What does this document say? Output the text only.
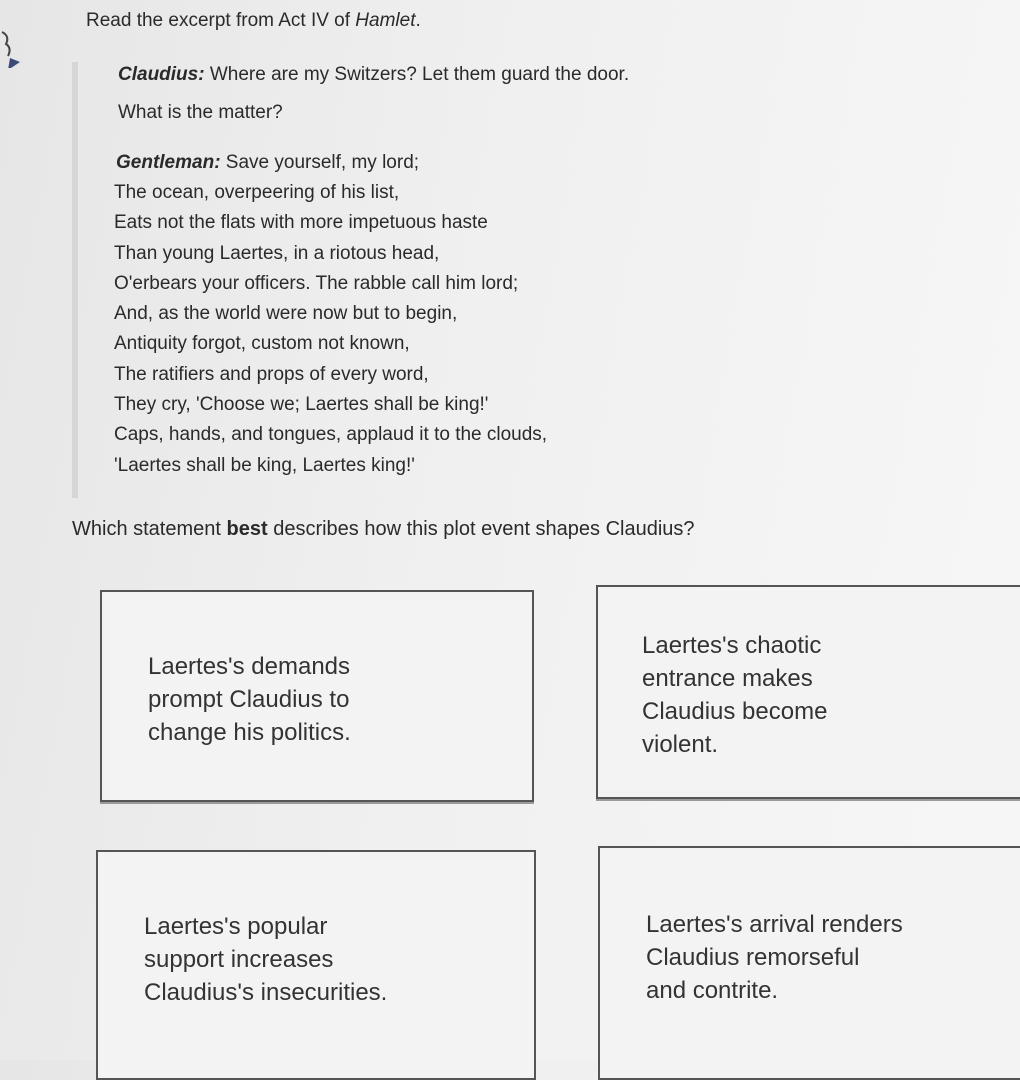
Read the excerpt from Act IV of Hamlet.
Claudius: Where are my Switzers? Let them guard the door.
What is the matter?
Gentleman: Save yourself, my lord;
The ocean, overpeering of his list,
Eats not the flats with more impetuous haste
Than young Laertes, in a riotous head,
O'erbears your officers. The rabble call him lord;
And, as the world were now but to begin,
Antiquity forgot, custom not known,
The ratifiers and props of every word,
They cry, 'Choose we; Laertes shall be king!'
Caps, hands, and tongues, applaud it to the clouds,
'Laertes shall be king, Laertes king!'
Which statement best describes how this plot event shapes Claudius?
Laertes's demands
prompt Claudius to
change his politics.
Laertes's chaotic
entrance makes
Claudius become
violent.
Laertes's popular
support increases
Claudius's insecurities.
Laertes's arrival renders
Claudius remorseful
and contrite.
